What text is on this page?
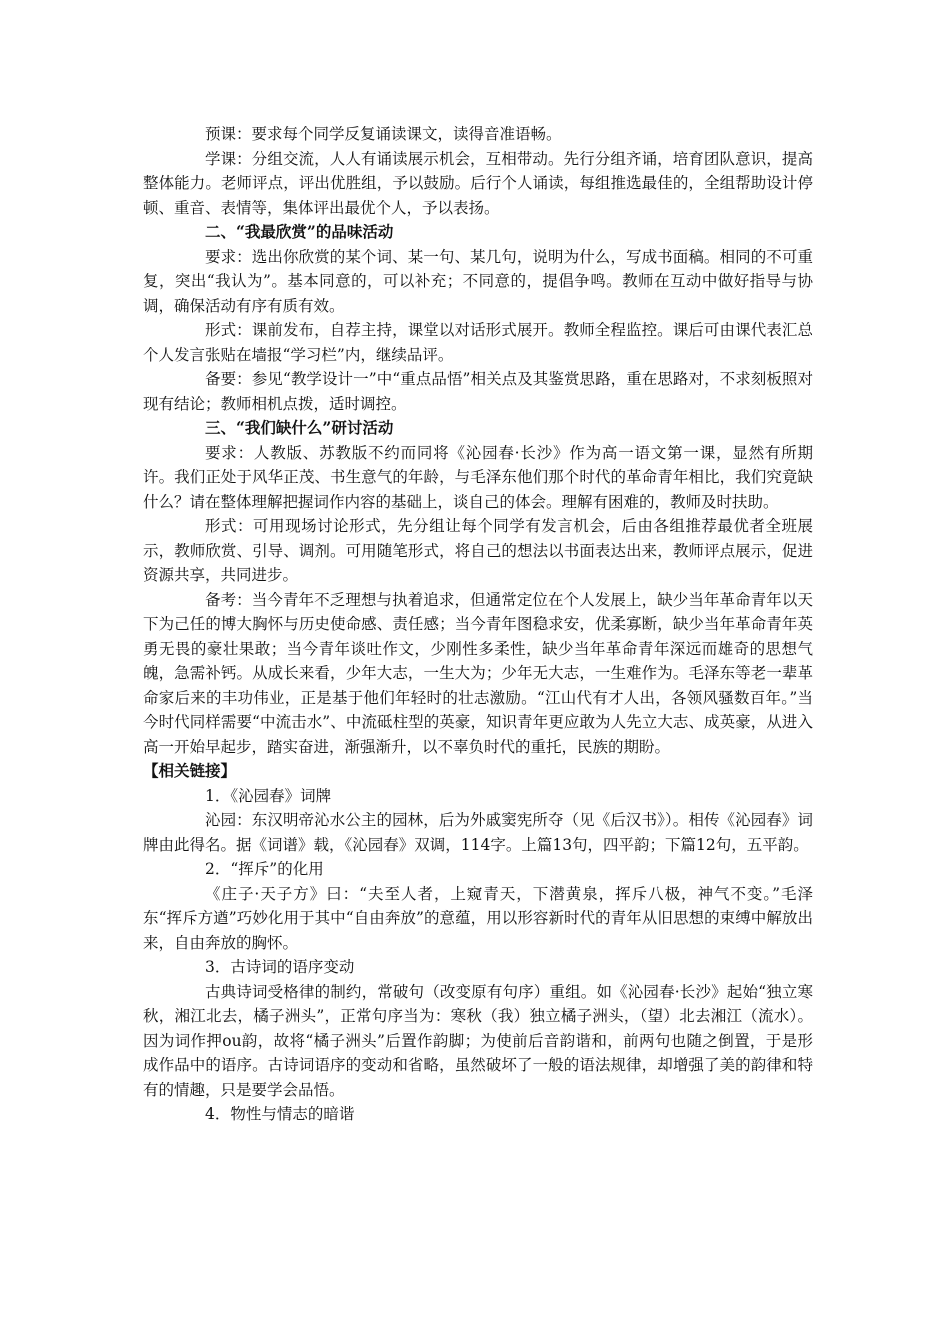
预课：要求每个同学反复诵读课文，读得音准语畅。

学课：分组交流，人人有诵读展示机会，互相带动。先行分组齐诵，培育团队意识，提高整体能力。老师评点，评出优胜组，予以鼓励。后行个人诵读，每组推选最佳的，全组帮助设计停顿、重音、表情等，集体评出最优个人，予以表扬。

二、“我最欣赏”的品味活动

要求：选出你欣赏的某个词、某一句、某几句，说明为什么，写成书面稿。相同的不可重复，突出“我认为”。基本同意的，可以补充；不同意的，提倡争鸣。教师在互动中做好指导与协调，确保活动有序有质有效。

形式：课前发布，自荐主持，课堂以对话形式展开。教师全程监控。课后可由课代表汇总个人发言张贴在墙报“学习栏”内，继续品评。

备要：参见“教学设计一”中“重点品悟”相关点及其鉴赏思路，重在思路对，不求刻板照对现有结论；教师相机点拨，适时调控。

三、“我们缺什么”研讨活动

要求：人教版、苏教版不约而同将《沁园春·长沙》作为高一语文第一课，显然有所期许。我们正处于风华正茂、书生意气的年龄，与毛泽东他们那个时代的革命青年相比，我们究竟缺什么？请在整体理解把握词作内容的基础上，谈自己的体会。理解有困难的，教师及时扶助。

形式：可用现场讨论形式，先分组让每个同学有发言机会，后由各组推荐最优者全班展示，教师欣赏、引导、调剂。可用随笔形式，将自己的想法以书面表达出来，教师评点展示，促进资源共享，共同进步。

备考：当今青年不乏理想与执着追求，但通常定位在个人发展上，缺少当年革命青年以天下为己任的博大胸怀与历史使命感、责任感；当今青年图稳求安，优柔寡断，缺少当年革命青年英勇无畏的豪壮果敢；当今青年谈吐作文，少刚性多柔性，缺少当年革命青年深远而雄奇的思想气魄，急需补钙。从成长来看，少年大志，一生大为；少年无大志，一生难作为。毛泽东等老一辈革命家后来的丰功伟业，正是基于他们年轻时的壮志激励。“江山代有才人出，各领风骚数百年。”当今时代同样需要“中流击水”、中流砥柱型的英豪，知识青年更应敢为人先立大志、成英豪，从进入高一开始早起步，踏实奋进，渐强渐升，以不辜负时代的重托，民族的期盼。

【相关链接】

1．《沁园春》词牌

沁园：东汉明帝沁水公主的园林，后为外戚窦宪所夺（见《后汉书》）。相传《沁园春》词牌由此得名。据《词谱》载，《沁园春》双调，114字。上篇13句，四平韵；下篇12句，五平韵。

2．“挥斥”的化用

《庄子·天子方》曰：“夫至人者，上窥青天，下潜黄泉，挥斥八极，神气不变。”毛泽东“挥斥方遒”巧妙化用于其中“自由奔放”的意蕴，用以形容新时代的青年从旧思想的束缚中解放出来，自由奔放的胸怀。

3．古诗词的语序变动

古典诗词受格律的制约，常破句（改变原有句序）重组。如《沁园春·长沙》起始“独立寒秋，湘江北去，橘子洲头”，正常句序当为：寒秋（我）独立橘子洲头，（望）北去湘江（流水）。因为词作押ou韵，故将“橘子洲头”后置作韵脚；为使前后音韵谐和，前两句也随之倒置，于是形成作品中的语序。古诗词语序的变动和省略，虽然破坏了一般的语法规律，却增强了美的韵律和特有的情趣，只是要学会品悟。

4．物性与情志的暗谐
